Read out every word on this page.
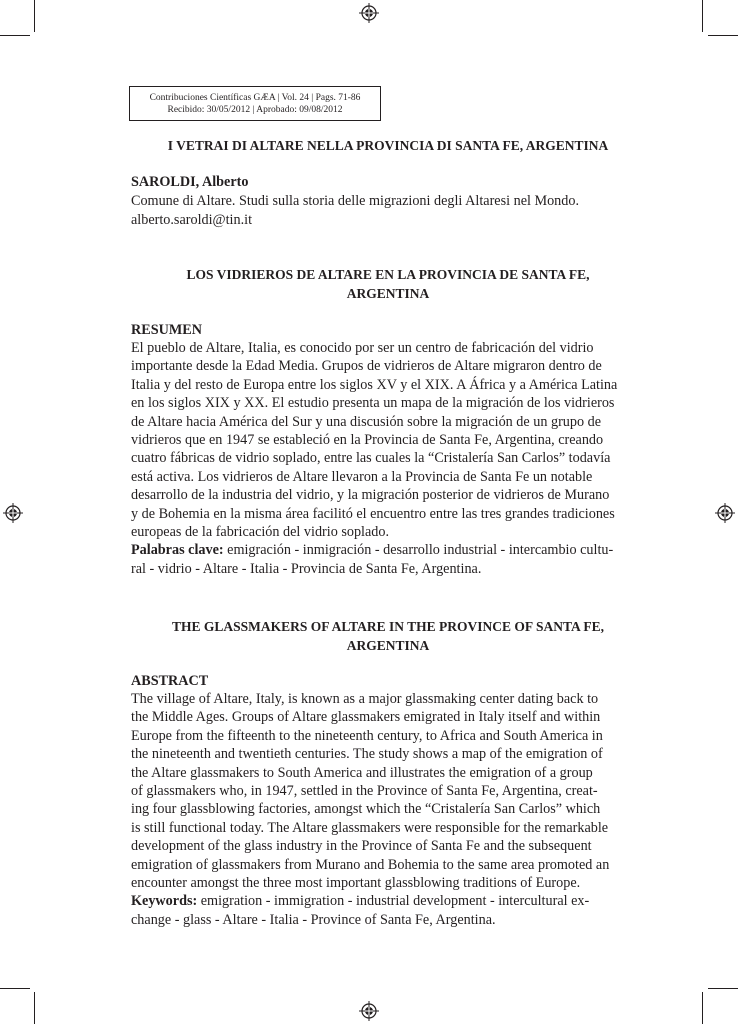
Contribuciones Científicas GÆA | Vol. 24 | Pags. 71-86
Recibido: 30/05/2012 | Aprobado: 09/08/2012

I VETRAI DI ALTARE NELLA PROVINCIA DI SANTA FE, ARGENTINA

SAROLDI, Alberto

Comune di Altare. Studi sulla storia delle migrazioni degli Altaresi nel Mondo.

alberto.saroldi@tin.it

LOS VIDRIEROS DE ALTARE EN LA PROVINCIA DE SANTA FE,

ARGENTINA

RESUMEN

El pueblo de Altare, Italia, es conocido por ser un centro de fabricación del vidrio

importante desde la Edad Media. Grupos de vidrieros de Altare migraron dentro de

Italia y del resto de Europa entre los siglos XV y el XIX. A África y a América Latina

en los siglos XIX y XX. El estudio presenta un mapa de la migración de los vidrieros

de Altare hacia América del Sur y una discusión sobre la migración de un grupo de

vidrieros que en 1947 se estableció en la Provincia de Santa Fe, Argentina, creando

cuatro fábricas de vidrio soplado, entre las cuales la “Cristalería San Carlos” todavía

está activa. Los vidrieros de Altare llevaron a la Provincia de Santa Fe un notable

desarrollo de la industria del vidrio, y la migración posterior de vidrieros de Murano

y de Bohemia en la misma área facilitó el encuentro entre las tres grandes tradiciones

europeas de la fabricación del vidrio soplado.

Palabras clave: emigración - inmigración - desarrollo industrial - intercambio cultu-

ral - vidrio - Altare - Italia - Provincia de Santa Fe, Argentina.

THE GLASSMAKERS OF ALTARE IN THE PROVINCE OF SANTA FE,

ARGENTINA

ABSTRACT

The village of Altare, Italy, is known as a major glassmaking center dating back to

the Middle Ages. Groups of Altare glassmakers emigrated in Italy itself and within

Europe from the fifteenth to the nineteenth century, to Africa and South America in

the nineteenth and twentieth centuries. The study shows a map of the emigration of

the Altare glassmakers to South America and illustrates the emigration of a group

of glassmakers who, in 1947, settled in the Province of Santa Fe, Argentina, creat-

ing four glassblowing factories, amongst which the “Cristalería San Carlos” which

is still functional today. The Altare glassmakers were responsible for the remarkable

development of the glass industry in the Province of Santa Fe and the subsequent

emigration of glassmakers from Murano and Bohemia to the same area promoted an

encounter amongst the three most important glassblowing traditions of Europe.

Keywords: emigration - immigration - industrial development - intercultural ex-

change - glass - Altare - Italia - Province of Santa Fe, Argentina.
